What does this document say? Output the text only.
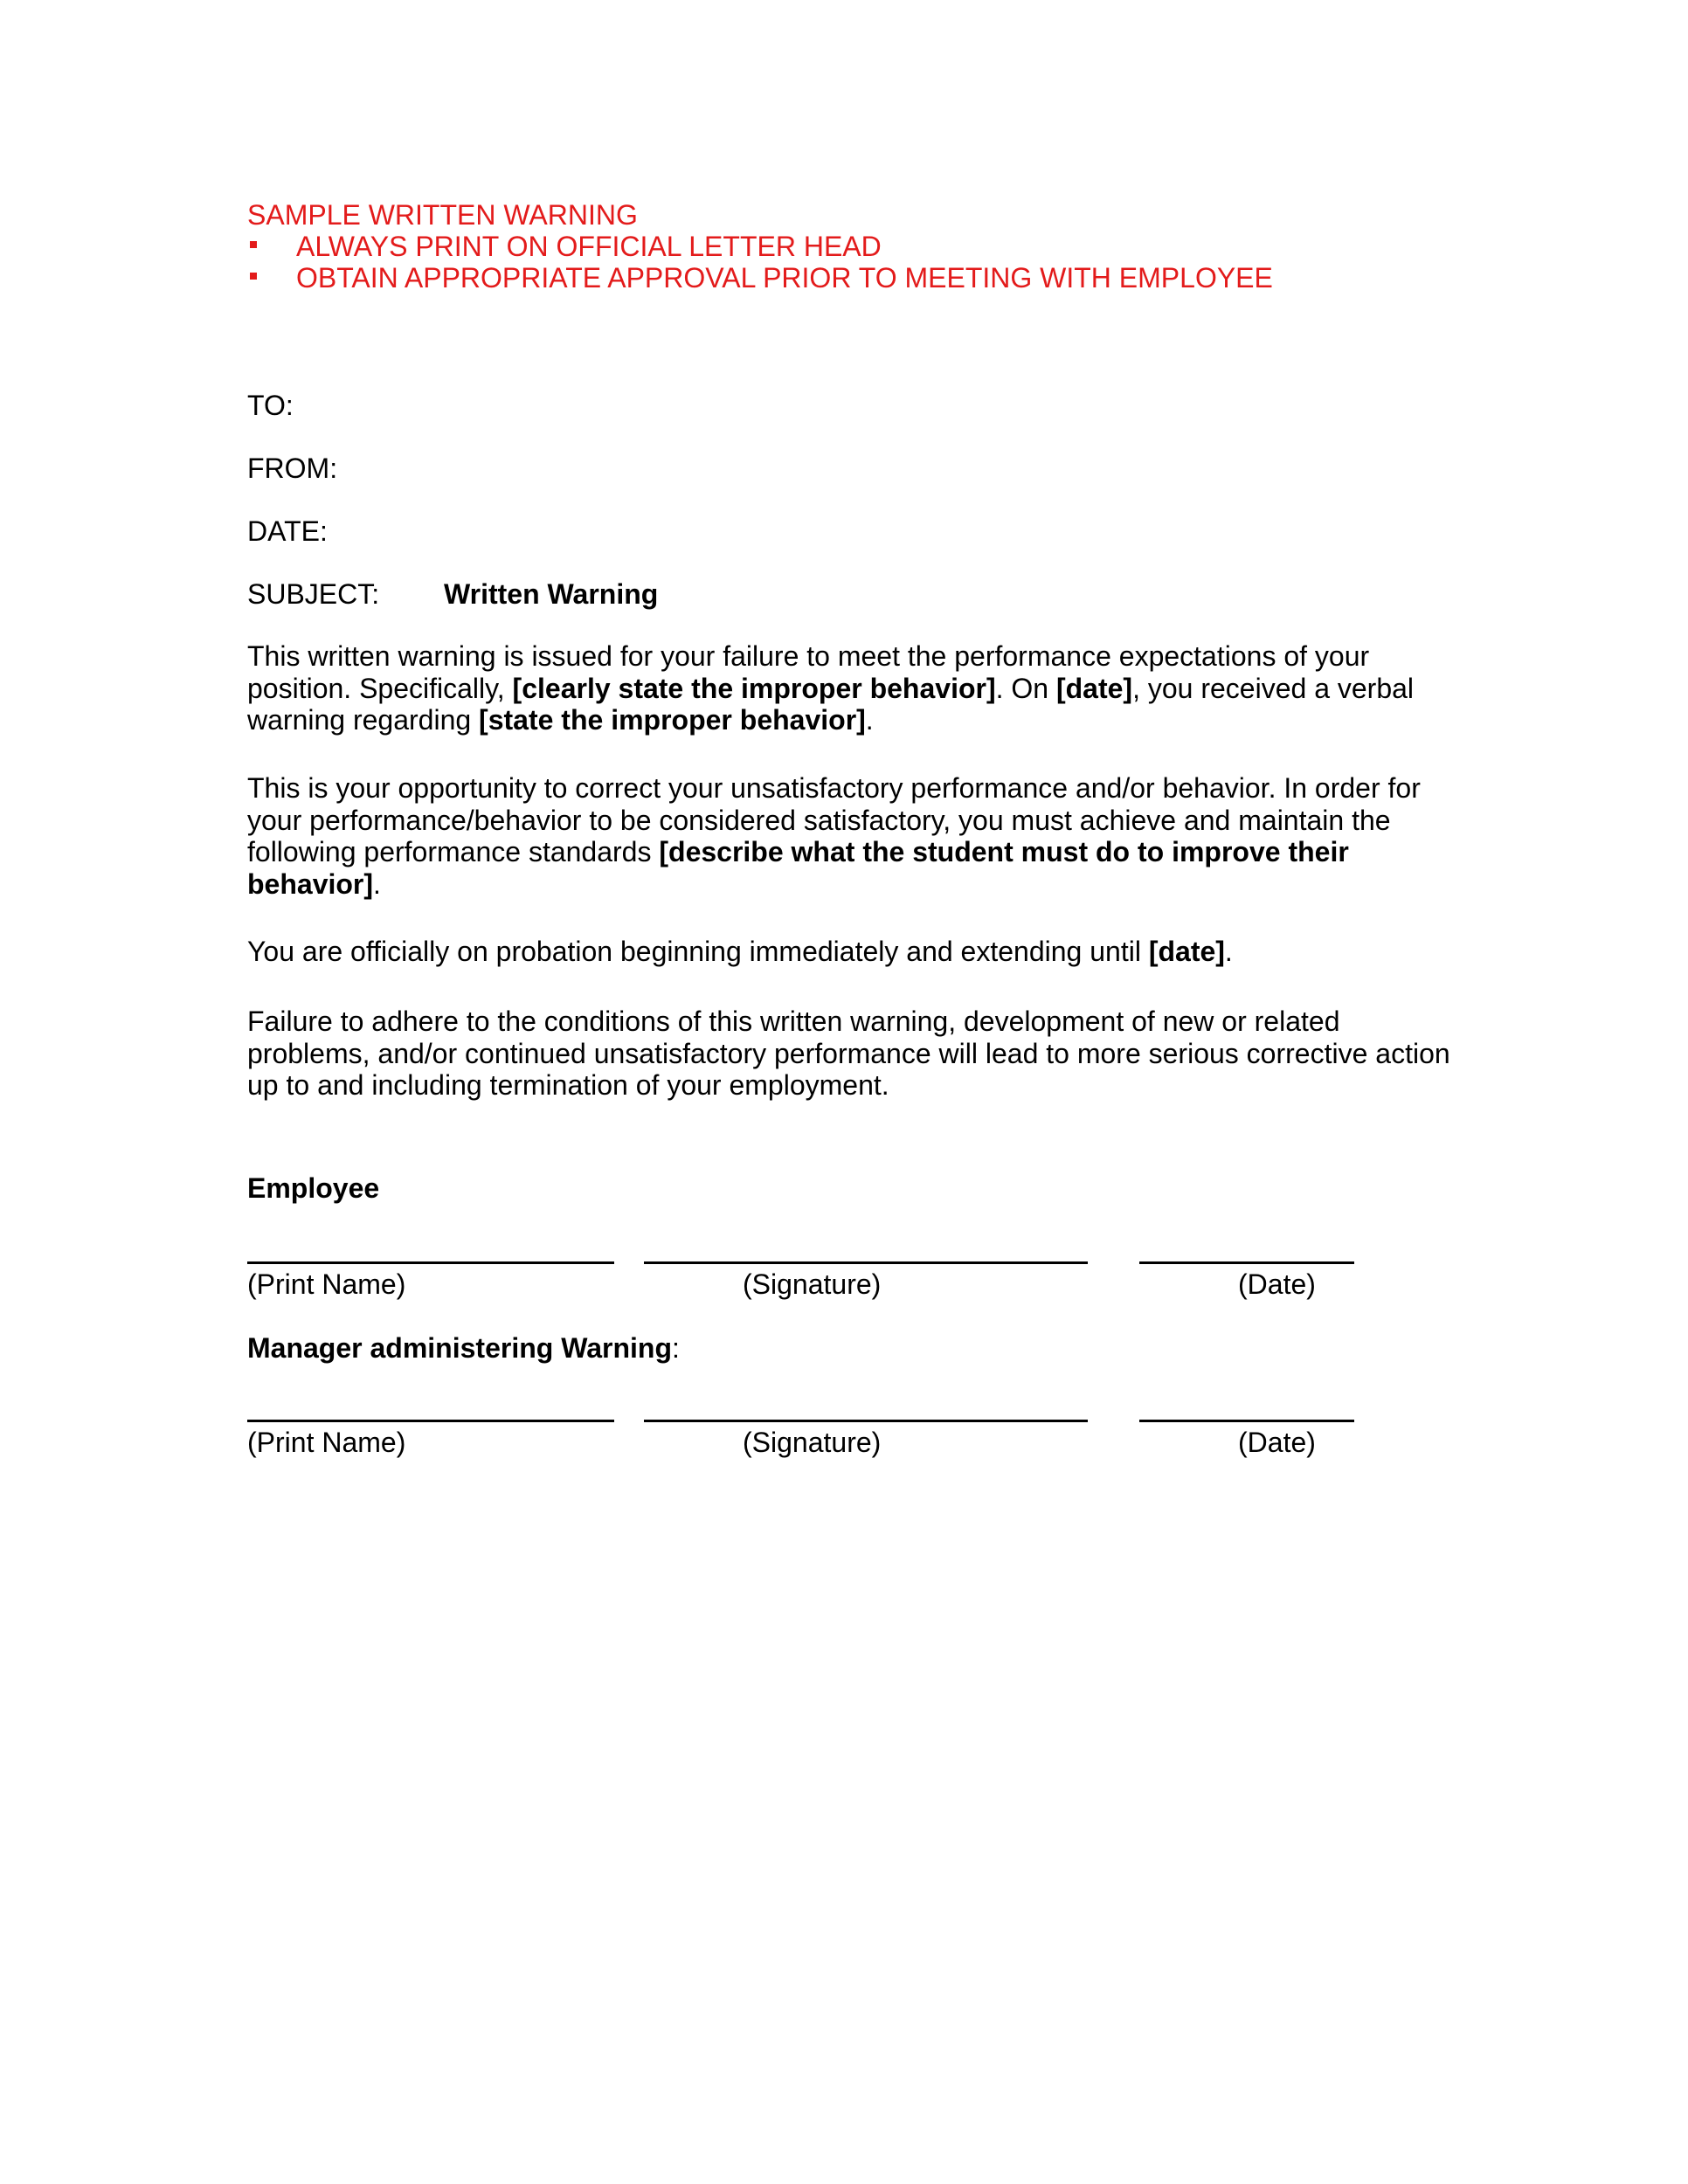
SAMPLE WRITTEN WARNING
ALWAYS PRINT ON OFFICIAL LETTER HEAD
OBTAIN APPROPRIATE APPROVAL PRIOR TO MEETING WITH EMPLOYEE
TO:
FROM:
DATE:
SUBJECT: Written Warning
This written warning is issued for your failure to meet the performance expectations of your
position. Specifically, [clearly state the improper behavior]. On [date], you received a verbal
warning regarding [state the improper behavior].
This is your opportunity to correct your unsatisfactory performance and/or behavior. In order for
your performance/behavior to be considered satisfactory, you must achieve and maintain the
following performance standards [describe what the student must do to improve their
behavior].
You are officially on probation beginning immediately and extending until [date].
Failure to adhere to the conditions of this written warning, development of new or related
problems, and/or continued unsatisfactory performance will lead to more serious corrective action
up to and including termination of your employment.
Employee
(Print Name)	(Signature)	(Date)
Manager administering Warning:
(Print Name)	(Signature)	(Date)
